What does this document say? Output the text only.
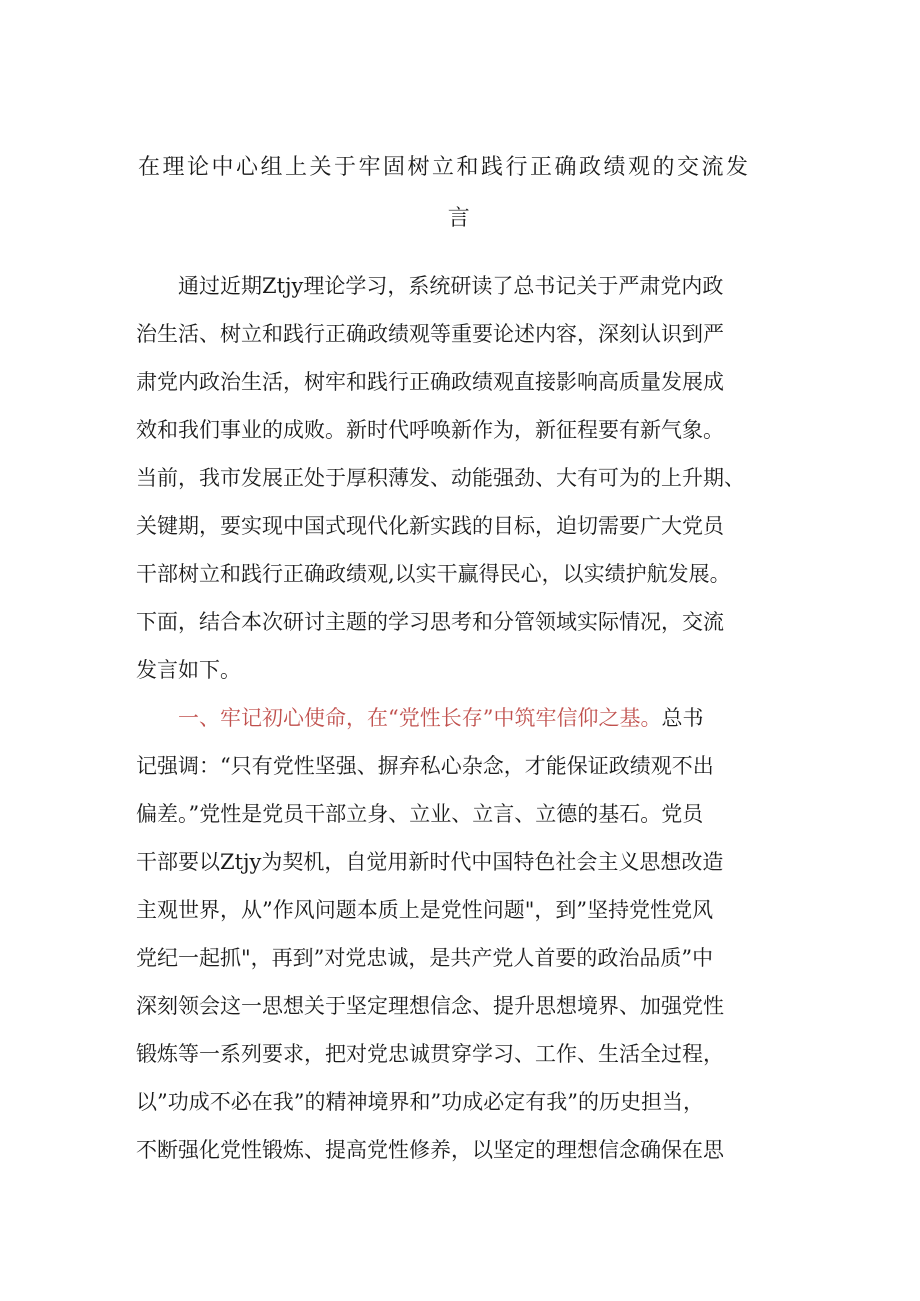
在理论中心组上关于牢固树立和践行正确政绩观的交流发
言

　　通过近期Ztjy理论学习，系统研读了总书记关于严肃党内政

治生活、树立和践行正确政绩观等重要论述内容，深刻认识到严

肃党内政治生活，树牢和践行正确政绩观直接影响高质量发展成

效和我们事业的成败。新时代呼唤新作为，新征程要有新气象。

当前，我市发展正处于厚积薄发、动能强劲、大有可为的上升期、

关键期，要实现中国式现代化新实践的目标，迫切需要广大党员

干部树立和践行正确政绩观,以实干赢得民心，以实绩护航发展。

下面，结合本次研讨主题的学习思考和分管领域实际情况，交流

发言如下。

　　一、牢记初心使命，在“党性长存”中筑牢信仰之基。总书

记强调：“只有党性坚强、摒弃私心杂念，才能保证政绩观不出

偏差。”党性是党员干部立身、立业、立言、立德的基石。党员

干部要以Ztjy为契机，自觉用新时代中国特色社会主义思想改造

主观世界，从”作风问题本质上是党性问题"，到”坚持党性党风

党纪一起抓"，再到”对党忠诚，是共产党人首要的政治品质”中

深刻领会这一思想关于坚定理想信念、提升思想境界、加强党性

锻炼等一系列要求，把对党忠诚贯穿学习、工作、生活全过程，

以”功成不必在我”的精神境界和”功成必定有我”的历史担当，

不断强化党性锻炼、提高党性修养，以坚定的理想信念确保在思
